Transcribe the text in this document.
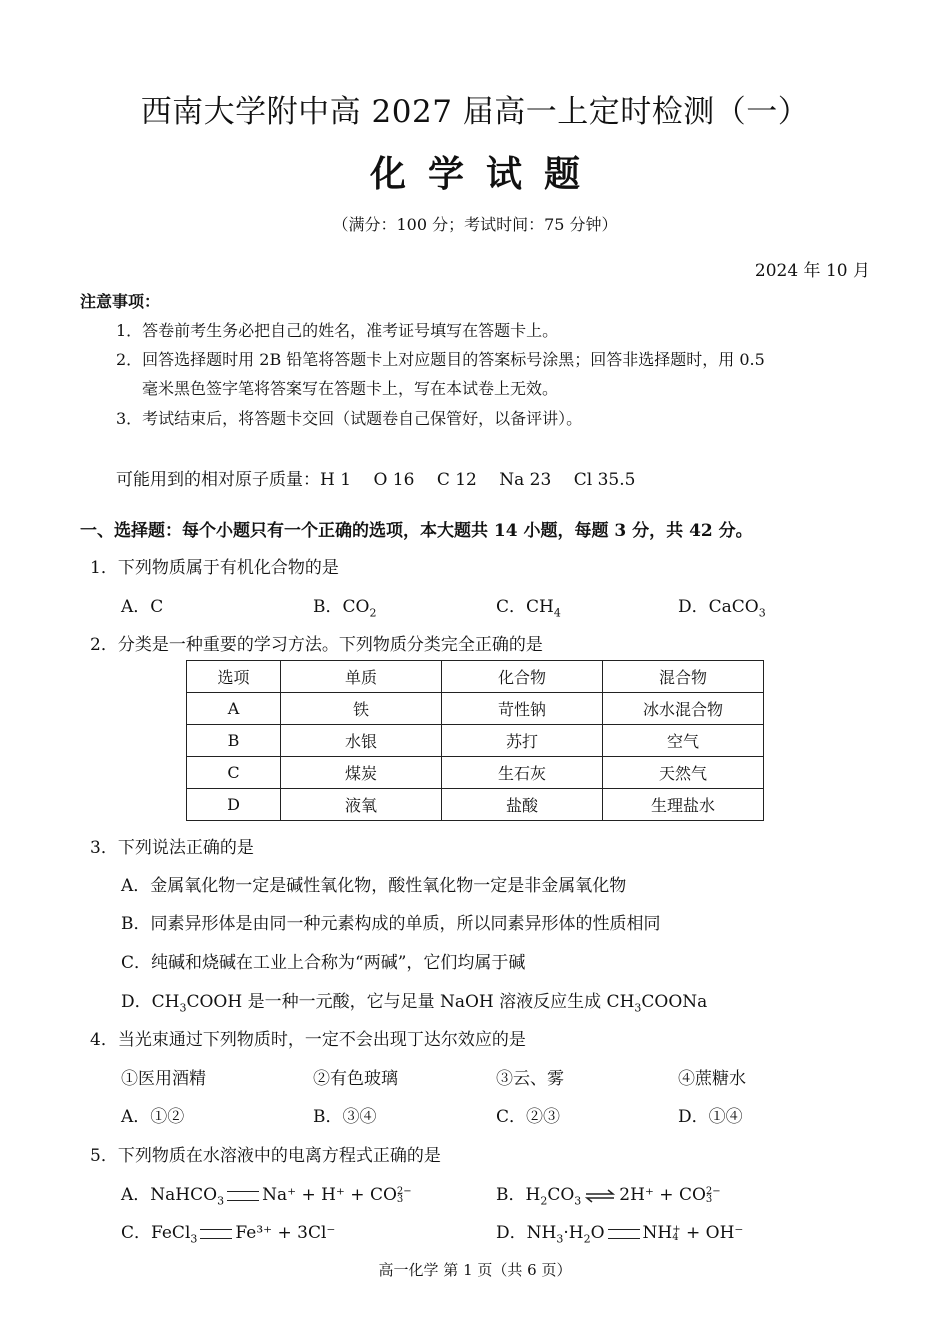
西南大学附中高 2027 届高一上定时检测（一）
化学试题
（满分：100 分；考试时间：75 分钟）
2024 年 10 月
注意事项：
1．答卷前考生务必把自己的姓名，准考证号填写在答题卡上。
2．回答选择题时用 2B 铅笔将答题卡上对应题目的答案标号涂黑；回答非选择题时，用 0.5
毫米黑色签字笔将答案写在答题卡上，写在本试卷上无效。
3．考试结束后，将答题卡交回（试题卷自己保管好，以备评讲）。
可能用到的相对原子质量：H 1　 O 16　 C 12　 Na 23　 Cl 35.5
一、选择题：每个小题只有一个正确的选项，本大题共 14 小题，每题 3 分，共 42 分。
1．下列物质属于有机化合物的是
A．C	B．$CO_2$	C．$CH_4$	D．CaCO$_3$
2．分类是一种重要的学习方法。下列物质分类完全正确的是
选项	单质	化合物	混合物
A	铁	苛性钠	冰水混合物
B	水银	苏打	空气
C	煤炭	生石灰	天然气
D	液氧	盐酸	生理盐水
3．下列说法正确的是
A．金属氧化物一定是碱性氧化物，酸性氧化物一定是非金属氧化物
B．同素异形体是由同一种元素构成的单质，所以同素异形体的性质相同
C．纯碱和烧碱在工业上合称为“两碱”，它们均属于碱
D．$CH_3COOH$ 是一种一元酸，它与足量 NaOH 溶液反应生成 $CH_3COONa$
4．当光束通过下列物质时，一定不会出现丁达尔效应的是
①医用酒精	②有色玻璃	③云、雾	④蔗糖水
A．①②	B．③④	C．②③	D．①④
5．下列物质在水溶液中的电离方程式正确的是
A．NaHCO$_3$ Na⁺ + H⁺ + CO2−
3	B．$H_2CO_3$ ⇌ 2H⁺ + CO2−
3
C．FeCl$_3$ Fe³⁺ + 3Cl⁻	D．$NH_3\cdot H_2O$ NH+
4 + OH⁻
高一化学 第 1 页（共 6 页）
